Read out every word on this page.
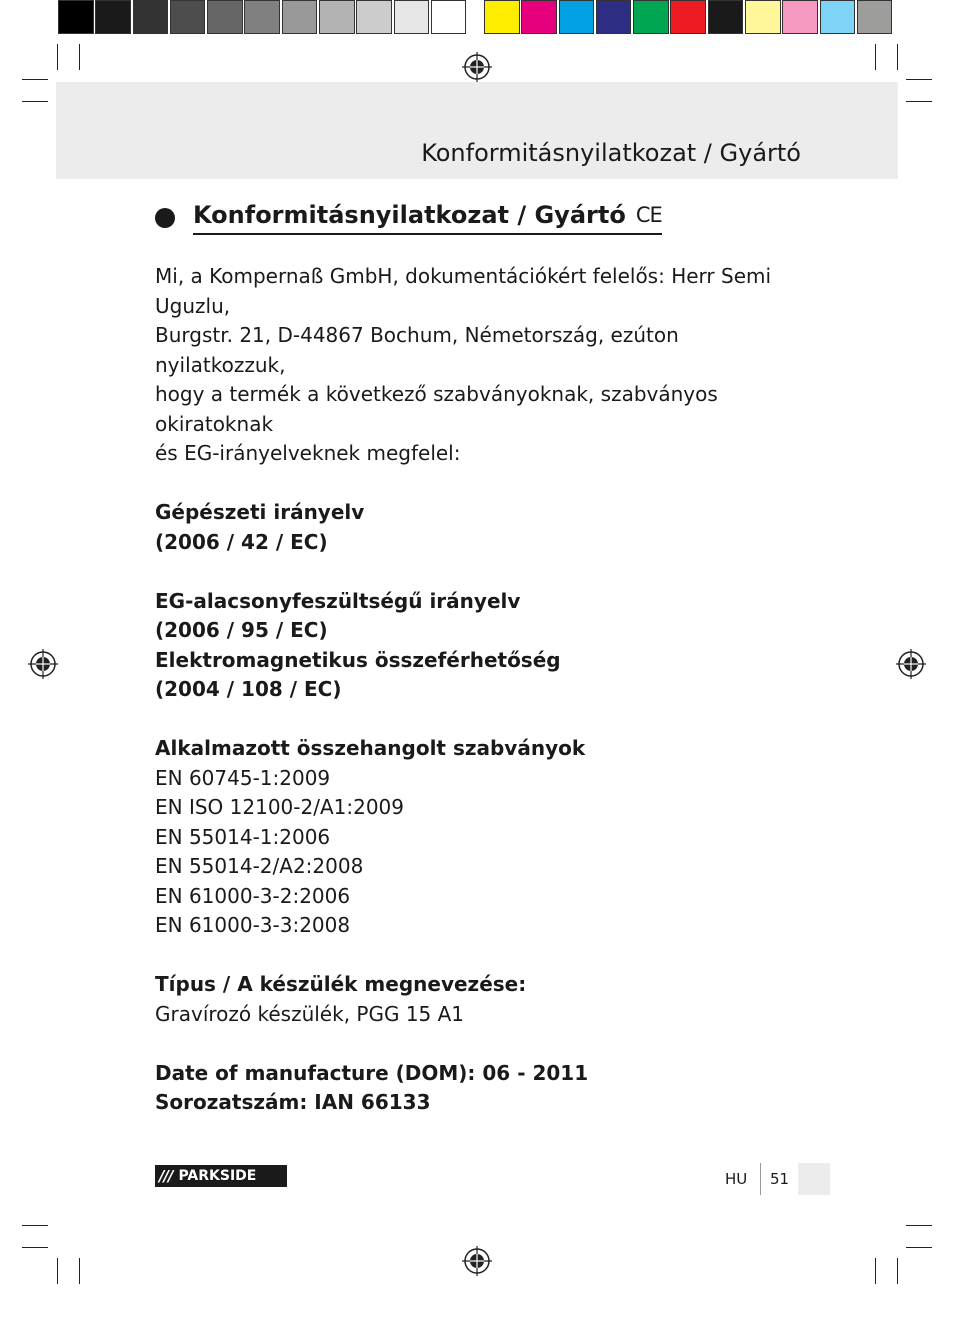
Konformitásnyilatkozat / Gyártó
Konformitásnyilatkozat / Gyártó CE

Mi, a Kompernaß GmbH, dokumentációkért felelős: Herr Semi Uguzlu,

Burgstr. 21, D-44867 Bochum, Németország, ezúton nyilatkozzuk,

hogy a termék a következő szabványoknak, szabványos okiratoknak

és EG-irányelveknek megfelel:

Gépészeti irányelv

(2006 / 42 / EC)

EG-alacsonyfeszültségű irányelv

(2006 / 95 / EC)

Elektromagnetikus összeférhetőség

(2004 / 108 / EC)

Alkalmazott összehangolt szabványok

EN 60745-1:2009

EN ISO 12100-2/A1:2009

EN 55014-1:2006

EN 55014-2/A2:2008

EN 61000-3-2:2006

EN 61000-3-3:2008

Típus / A készülék megnevezése:

Gravírozó készülék, PGG 15 A1

Date of manufacture (DOM): 06 - 2011

Sorozatszám: IAN 66133

/// PARKSIDE	HU 51
